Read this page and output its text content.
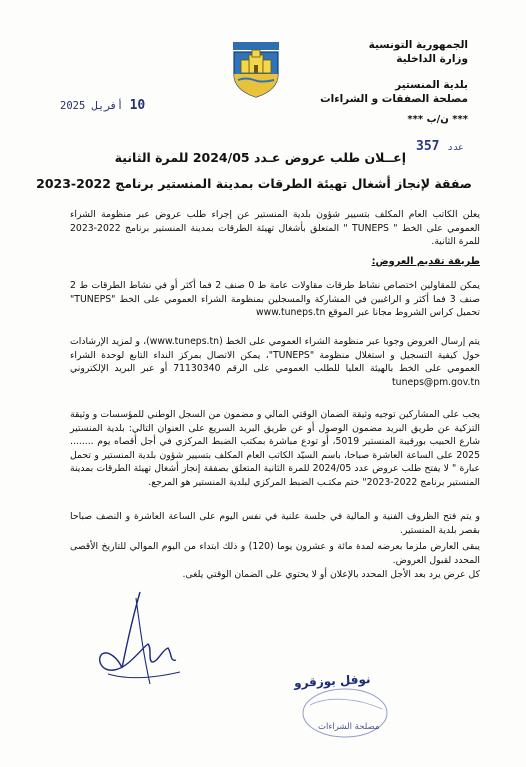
الجمهورية التونسية
وزارة الداخلية
بلدية المنستير
مصلحة الصفقات و الشراءات
*** ن/ب ***
2025 أفريل 10
357 عدد
إعــلان طلب عروض عـدد 2024/05 للمرة الثانية
صفقة لإنجاز أشغال تهيئة الطرقات بمدينة المنستير برنامج 2022-2023
يعلن الكاتب العام المكلف بتسيير شؤون بلدية المنستير عن إجراء طلب عروض عبر منظومة الشراء العمومي على الخط " TUNEPS " المتعلق بأشغال تهيئة الطرقات بمدينة المنستير برنامج 2022-2023 للمرة الثانية.
طريقة تقديم العروض:
يمكن للمقاولين اختصاص نشاط طرقات مقاولات عامة ط 0 صنف 2 فما أكثر أو في نشاط الطرقات ط 2 صنف 3 فما أكثر و الراغبين في المشاركة والمسجلين بمنظومة الشراء العمومي على الخط "TUNEPS" تحميل كراس الشروط مجانا عبر الموقع www.tuneps.tn
يتم إرسال العروض وجوبا عبر منظومة الشراء العمومي على الخط (www.tuneps.tn)، و لمزيد الإرشادات حول كيفية التسجيل و استغلال منظومة "TUNEPS"، يمكن الاتصال بمركز النداء التابع لوحدة الشراء العمومي على الخط بالهيئة العليا للطلب العمومي على الرقم 71130340 أو عبر البريد الإلكتروني tuneps@pm.gov.tn
يجب على المشاركين توجيه وثيقة الضمان الوقتي المالي و مضمون من السجل الوطني للمؤسسات و وثيقة التزكية عن طريق البريد مضمون الوصول أو عن طريق البريد السريع على العنوان التالي: بلدية المنستير شارع الحبيب بورقيبة المنستير 5019، أو تودع مباشرة بمكتب الضبط المركزي في أجل أقصاه يوم ........ 2025 على الساعة العاشرة صباحا، باسم السيّد الكاتب العام المكلف بتسيير شؤون بلدية المنستير و تحمل عبارة " لا يفتح طلب عروض عدد 2024/05 للمرة الثانية المتعلق بصفقة إنجاز أشغال تهيئة الطرقات بمدينة المنستير برنامج 2022-2023" ختم مكتـب الضبط المركزي لبلدية المنستير هو المرجع.
و يتم فتح الظروف الفنية و المالية في جلسة علنية في نفس اليوم على الساعة العاشرة و النصف صباحا بقصر بلدية المنستير.
يبقى العارض ملزما بعرضه لمدة مائة و عشرون يوما (120) و ذلك ابتداء من اليوم الموالي للتاريخ الأقصى المحدد لقبول العروض.
كل عرض يرد بعد الأجل المحدد بالإعلان أو لا يحتوي على الضمان الوقتي يلغى.
نوفل بوزقرو
مصلحة الشراءات
